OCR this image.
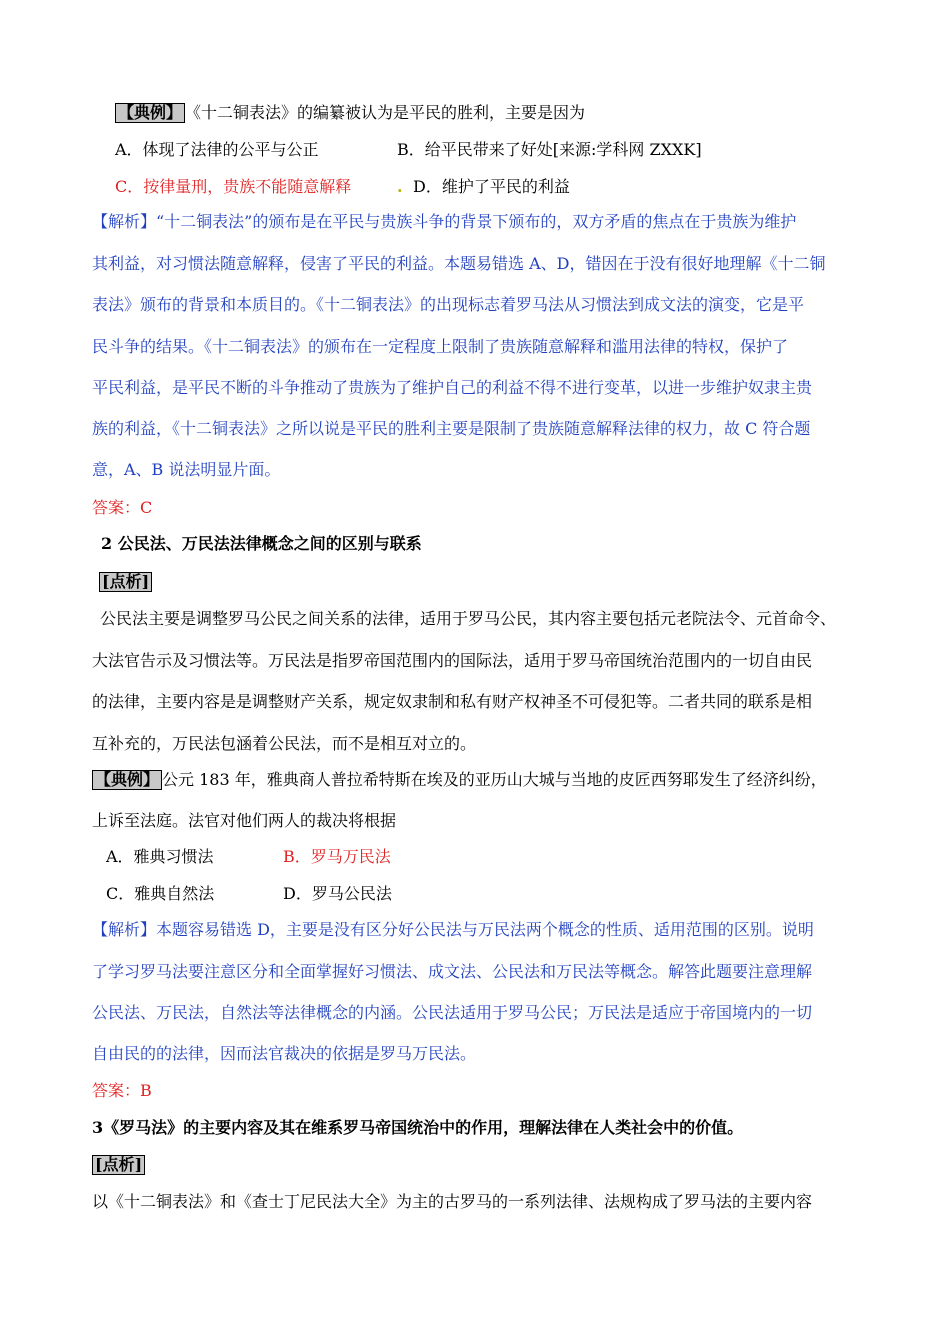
【典例】 《十二铜表法》的编纂被认为是平民的胜利，主要是因为
A．体现了法律的公平与公正	B．给平民带来了好处[来源:学科网 ZXXK]
C．按律量刑，贵族不能随意解释	. D．维护了平民的利益
【解析】“十二铜表法”的颁布是在平民与贵族斗争的背景下颁布的，双方矛盾的焦点在于贵族为维护
其利益，对习惯法随意解释，侵害了平民的利益。本题易错选 A、D，错因在于没有很好地理解《十二铜
表法》颁布的背景和本质目的。《十二铜表法》的出现标志着罗马法从习惯法到成文法的演变，它是平
民斗争的结果。《十二铜表法》的颁布在一定程度上限制了贵族随意解释和滥用法律的特权，保护了
平民利益，是平民不断的斗争推动了贵族为了维护自己的利益不得不进行变革，以进一步维护奴隶主贵
族的利益，《十二铜表法》之所以说是平民的胜利主要是限制了贵族随意解释法律的权力，故 C 符合题
意，A、B 说法明显片面。
答案：C
2 公民法、万民法法律概念之间的区别与联系
[点析]
公民法主要是调整罗马公民之间关系的法律，适用于罗马公民，其内容主要包括元老院法令、元首命令、
大法官告示及习惯法等。万民法是指罗帝国范围内的国际法，适用于罗马帝国统治范围内的一切自由民
的法律，主要内容是是调整财产关系，规定奴隶制和私有财产权神圣不可侵犯等。二者共同的联系是相
互补充的，万民法包涵着公民法，而不是相互对立的。
【典例】 公元 183 年，雅典商人普拉希特斯在埃及的亚历山大城与当地的皮匠西努耶发生了经济纠纷，
上诉至法庭。法官对他们两人的裁决将根据
A．雅典习惯法	B．罗马万民法
C．雅典自然法	D．罗马公民法
【解析】本题容易错选 D，主要是没有区分好公民法与万民法两个概念的性质、适用范围的区别。说明
了学习罗马法要注意区分和全面掌握好习惯法、成文法、公民法和万民法等概念。解答此题要注意理解
公民法、万民法，自然法等法律概念的内涵。公民法适用于罗马公民；万民法是适应于帝国境内的一切
自由民的的法律，因而法官裁决的依据是罗马万民法。
答案：B
3《罗马法》的主要内容及其在维系罗马帝国统治中的作用，理解法律在人类社会中的价值。
[点析]
以《十二铜表法》和《查士丁尼民法大全》为主的古罗马的一系列法律、法规构成了罗马法的主要内容
